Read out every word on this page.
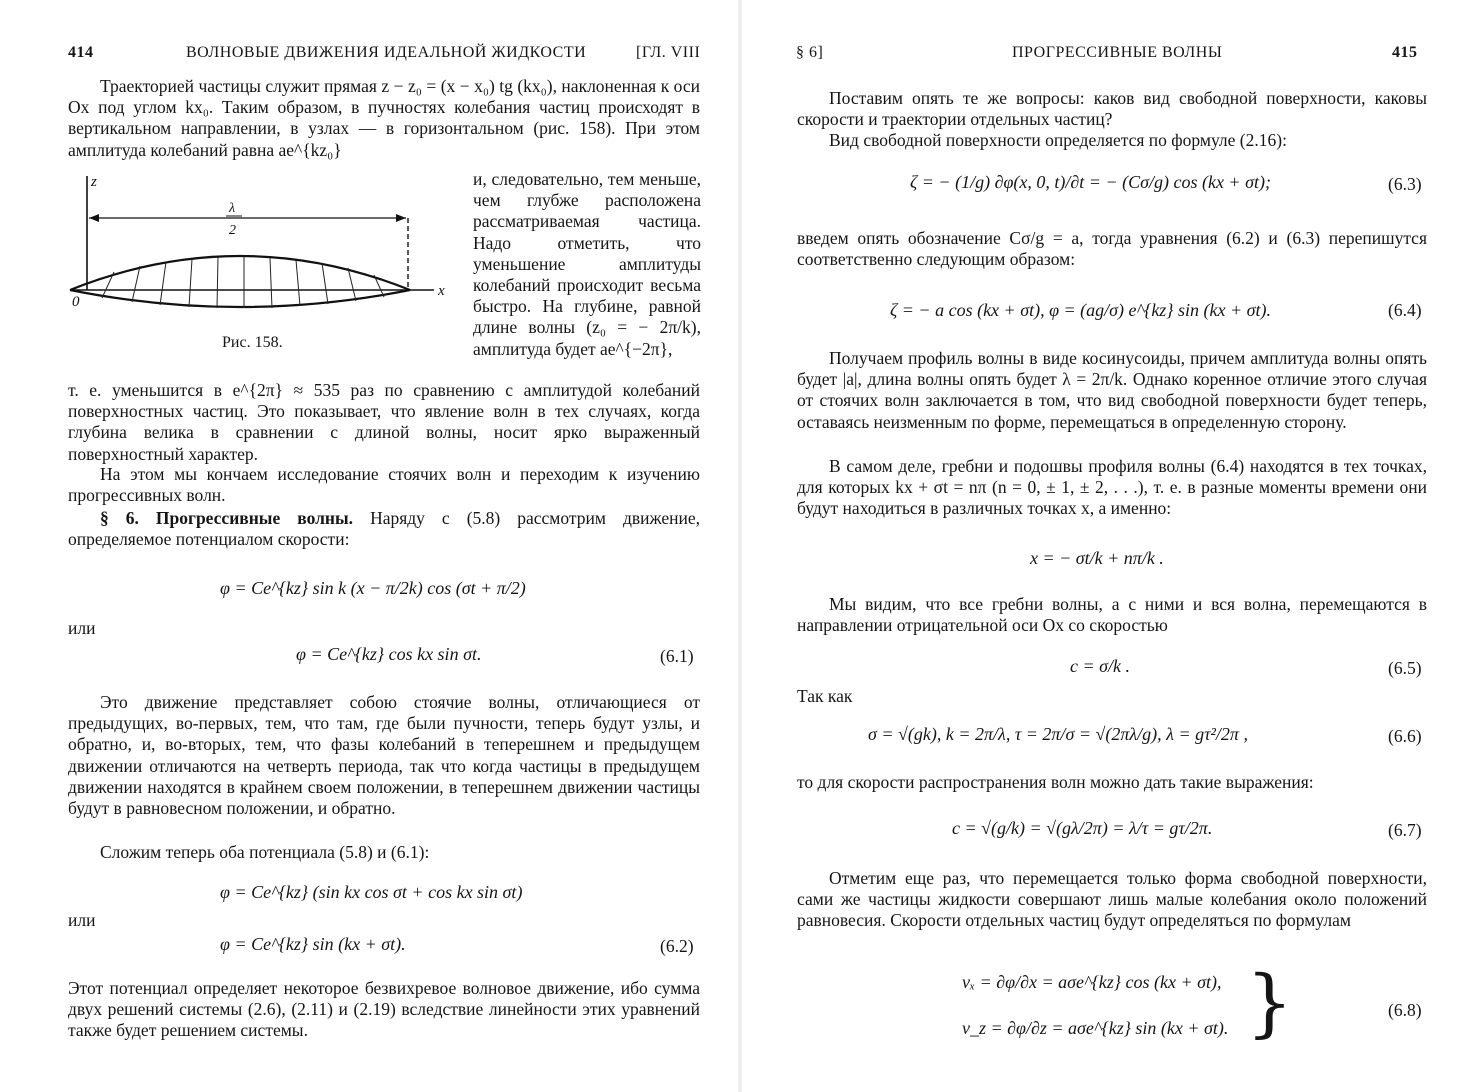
414	ВОЛНОВЫЕ ДВИЖЕНИЯ ИДЕАЛЬНОЙ ЖИДКОСТИ	[ГЛ. VIII

Траекторией частицы служит прямая z − z₀ = (x − x₀) tg (kx₀), наклоненная к оси Ox под углом kx₀. Таким образом, в пучностях колебания частиц происходят в вертикальном направлении, в узлах — в горизонтальном (рис. 158). При этом амплитуда колебаний равна ae^{kz₀}

z
x
0
λ
2
Рис. 158.

и, следовательно, тем меньше, чем глубже расположена рассматриваемая частица. Надо отметить, что уменьшение амплитуды колебаний происходит весьма быстро. На глубине, равной длине волны (z₀ = − 2π/k), амплитуда будет ae^{−2π},

т. е. уменьшится в e^{2π} ≈ 535 раз по сравнению с амплитудой колебаний поверхностных частиц. Это показывает, что явление волн в тех случаях, когда глубина велика в сравнении с длиной волны, носит ярко выраженный поверхностный характер.

На этом мы кончаем исследование стоячих волн и переходим к изучению прогрессивных волн.

§ 6. Прогрессивные волны. Наряду с (5.8) рассмотрим движение, определяемое потенциалом скорости:

φ = Ce^{kz} sin k (x − π/2k) cos (σt + π/2)
или
φ = Ce^{kz} cos kx sin σt.	(6.1)

Это движение представляет собою стоячие волны, отличающиеся от предыдущих, во-первых, тем, что там, где были пучности, теперь будут узлы, и обратно, и, во-вторых, тем, что фазы колебаний в теперешнем и предыдущем движении отличаются на четверть периода, так что когда частицы в предыдущем движении находятся в крайнем своем положении, в теперешнем движении частицы будут в равновесном положении, и обратно.

Сложим теперь оба потенциала (5.8) и (6.1):

φ = Ce^{kz} (sin kx cos σt + cos kx sin σt)
или
φ = Ce^{kz} sin (kx + σt).	(6.2)

Этот потенциал определяет некоторое безвихревое волновое движение, ибо сумма двух решений системы (2.6), (2.11) и (2.19) вследствие линейности этих уравнений также будет решением системы.

§ 6]	ПРОГРЕССИВНЫЕ ВОЛНЫ	415

Поставим опять те же вопросы: каков вид свободной поверхности, каковы скорости и траектории отдельных частиц?

Вид свободной поверхности определяется по формуле (2.16):

ζ = − (1/g) ∂φ(x, 0, t)/∂t = − (Cσ/g) cos (kx + σt);	(6.3)

введем опять обозначение Cσ/g = a, тогда уравнения (6.2) и (6.3) перепишутся соответственно следующим образом:

ζ = − a cos (kx + σt), φ = (ag/σ) e^{kz} sin (kx + σt).	(6.4)

Получаем профиль волны в виде косинусоиды, причем амплитуда волны опять будет |a|, длина волны опять будет λ = 2π/k. Однако коренное отличие этого случая от стоячих волн заключается в том, что вид свободной поверхности будет теперь, оставаясь неизменным по форме, перемещаться в определенную сторону.

В самом деле, гребни и подошвы профиля волны (6.4) находятся в тех точках, для которых kx + σt = nπ (n = 0, ± 1, ± 2, . . .), т. е. в разные моменты времени они будут находиться в различных точках x, а именно:

x = − σt/k + nπ/k .

Мы видим, что все гребни волны, а с ними и вся волна, перемещаются в направлении отрицательной оси Ox со скоростью

c = σ/k .	(6.5)
Так как
σ = √(gk), k = 2π/λ, τ = 2π/σ = √(2πλ/g), λ = gτ²/2π ,	(6.6)

то для скорости распространения волн можно дать такие выражения:

c = √(g/k) = √(gλ/2π) = λ/τ = gτ/2π.	(6.7)

Отметим еще раз, что перемещается только форма свободной поверхности, сами же частицы жидкости совершают лишь малые колебания около положений равновесия. Скорости отдельных частиц будут определяться по формулам

vₓ = ∂φ/∂x = aσe^{kz} cos (kx + σt),
v_z = ∂φ/∂z = aσe^{kz} sin (kx + σt). }	(6.8)
